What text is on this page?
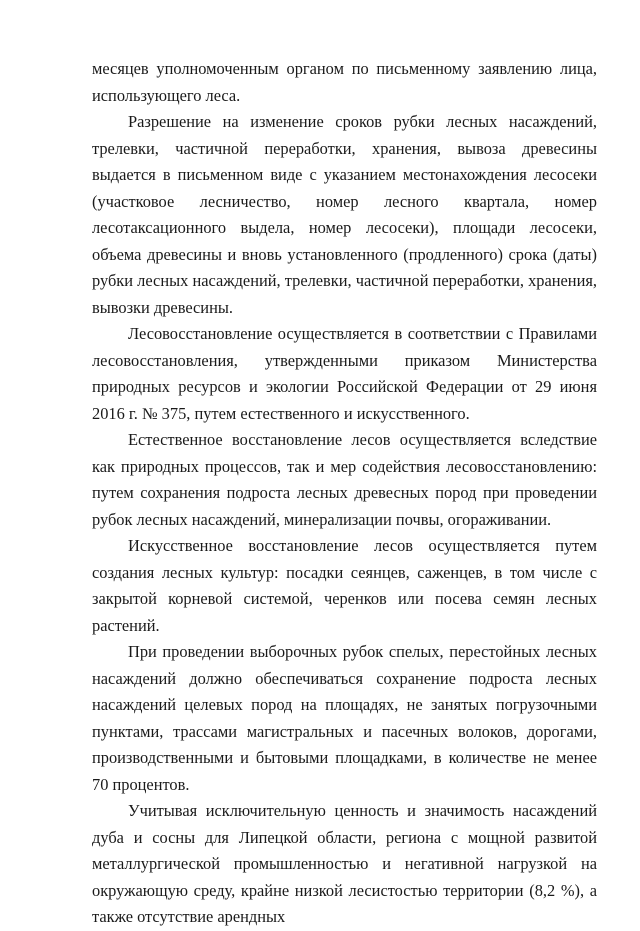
месяцев уполномоченным органом по письменному заявлению лица, использующего леса.

Разрешение на изменение сроков рубки лесных насаждений, трелевки, частичной переработки, хранения, вывоза древесины выдается в письменном виде с указанием местонахождения лесосеки (участковое лесничество, номер лесного квартала, номер лесотаксационного выдела, номер лесосеки), площади лесосеки, объема древесины и вновь установленного (продленного) срока (даты) рубки лесных насаждений, трелевки, частичной переработки, хранения, вывозки древесины.

Лесовосстановление осуществляется в соответствии с Правилами лесовосстановления, утвержденными приказом Министерства природных ресурсов и экологии Российской Федерации от 29 июня 2016 г. № 375, путем естественного и искусственного.

Естественное восстановление лесов осуществляется вследствие как природных процессов, так и мер содействия лесовосстановлению: путем сохранения подроста лесных древесных пород при проведении рубок лесных насаждений, минерализации почвы, огораживании.

Искусственное восстановление лесов осуществляется путем создания лесных культур: посадки сеянцев, саженцев, в том числе с закрытой корневой системой, черенков или посева семян лесных растений.

При проведении выборочных рубок спелых, перестойных лесных насаждений должно обеспечиваться сохранение подроста лесных насаждений целевых пород на площадях, не занятых погрузочными пунктами, трассами магистральных и пасечных волоков, дорогами, производственными и бытовыми площадками, в количестве не менее 70 процентов.

Учитывая исключительную ценность и значимость насаждений дуба и сосны для Липецкой области, региона с мощной развитой металлургической промышленностью и негативной нагрузкой на окружающую среду, крайне низкой лесистостью территории (8,2 %), а также отсутствие арендных
